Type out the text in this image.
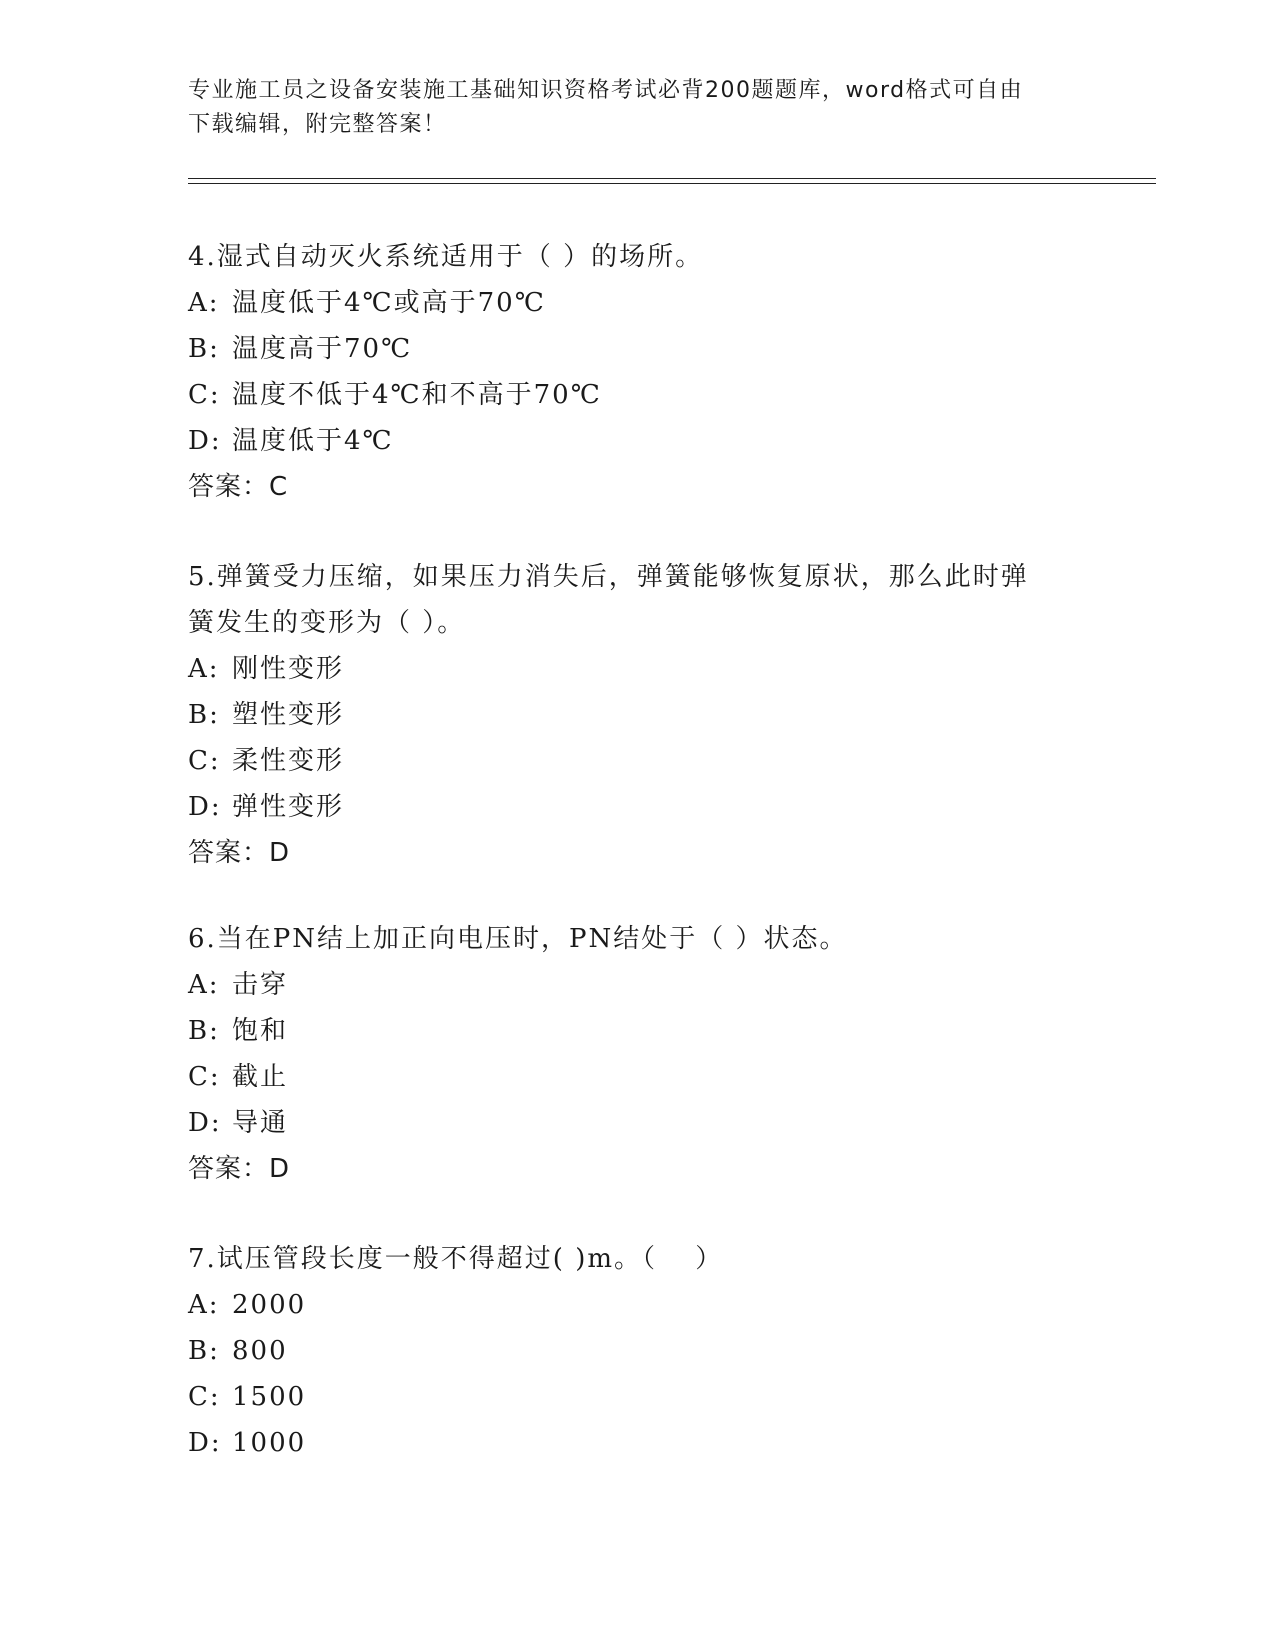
专业施工员之设备安装施工基础知识资格考试必背200题题库，word格式可自由
下载编辑，附完整答案！
4.湿式自动灭火系统适用于（ ）的场所。
A: 温度低于4℃或高于70℃
B: 温度高于70℃
C: 温度不低于4℃和不高于70℃
D: 温度低于4℃
答案：C
5.弹簧受力压缩，如果压力消失后，弹簧能够恢复原状，那么此时弹
簧发生的变形为（ ）。
A: 刚性变形
B: 塑性变形
C: 柔性变形
D: 弹性变形
答案：D
6.当在PN结上加正向电压时，PN结处于（ ）状态。
A: 击穿
B: 饱和
C: 截止
D: 导通
答案：D
7.试压管段长度一般不得超过( )m。（　 ）
A: 2000
B: 800
C: 1500
D: 1000
